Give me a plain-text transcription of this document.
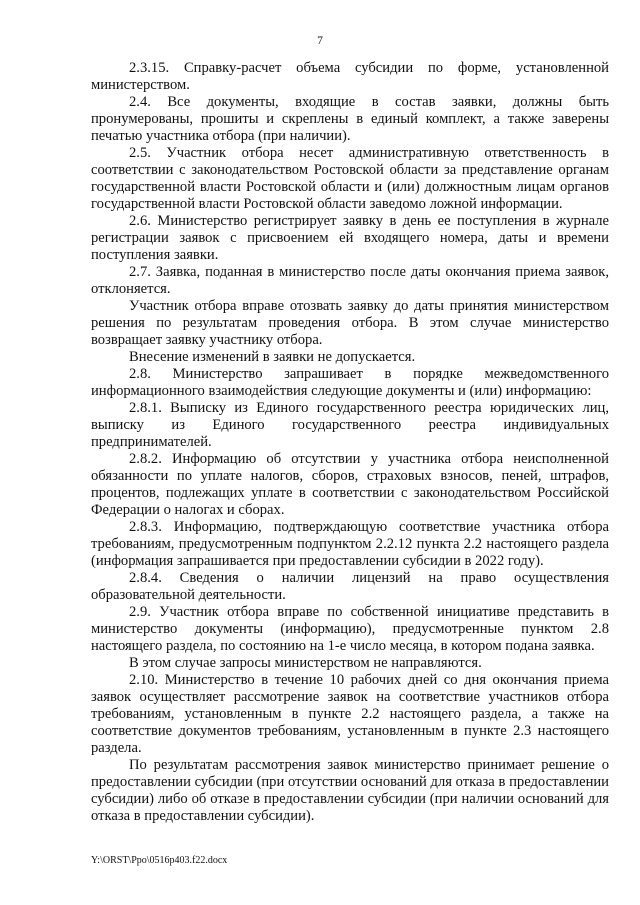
7

2.3.15. Справку-расчет объема субсидии по форме, установленной министерством.

2.4. Все документы, входящие в состав заявки, должны быть пронумерованы, прошиты и скреплены в единый комплект, а также заверены печатью участника отбора (при наличии).

2.5. Участник отбора несет административную ответственность в соответствии с законодательством Ростовской области за представление органам государственной власти Ростовской области и (или) должностным лицам органов государственной власти Ростовской области заведомо ложной информации.

2.6. Министерство регистрирует заявку в день ее поступления в журнале регистрации заявок с присвоением ей входящего номера, даты и времени поступления заявки.

2.7. Заявка, поданная в министерство после даты окончания приема заявок, отклоняется.

Участник отбора вправе отозвать заявку до даты принятия министерством решения по результатам проведения отбора. В этом случае министерство возвращает заявку участнику отбора.

Внесение изменений в заявки не допускается.

2.8. Министерство запрашивает в порядке межведомственного информационного взаимодействия следующие документы и (или) информацию:

2.8.1. Выписку из Единого государственного реестра юридических лиц, выписку из Единого государственного реестра индивидуальных предпринимателей.

2.8.2. Информацию об отсутствии у участника отбора неисполненной обязанности по уплате налогов, сборов, страховых взносов, пеней, штрафов, процентов, подлежащих уплате в соответствии с законодательством Российской Федерации о налогах и сборах.

2.8.3. Информацию, подтверждающую соответствие участника отбора требованиям, предусмотренным подпунктом 2.2.12 пункта 2.2 настоящего раздела (информация запрашивается при предоставлении субсидии в 2022 году).

2.8.4. Сведения о наличии лицензий на право осуществления образовательной деятельности.

2.9. Участник отбора вправе по собственной инициативе представить в министерство документы (информацию), предусмотренные пунктом 2.8 настоящего раздела, по состоянию на 1-е число месяца, в котором подана заявка.

В этом случае запросы министерством не направляются.

2.10. Министерство в течение 10 рабочих дней со дня окончания приема заявок осуществляет рассмотрение заявок на соответствие участников отбора требованиям, установленным в пункте 2.2 настоящего раздела, а также на соответствие документов требованиям, установленным в пункте 2.3 настоящего раздела.

По результатам рассмотрения заявок министерство принимает решение о предоставлении субсидии (при отсутствии оснований для отказа в предоставлении субсидии) либо об отказе в предоставлении субсидии (при наличии оснований для отказа в предоставлении субсидии).

Y:\ORST\Ppo\0516p403.f22.docx
